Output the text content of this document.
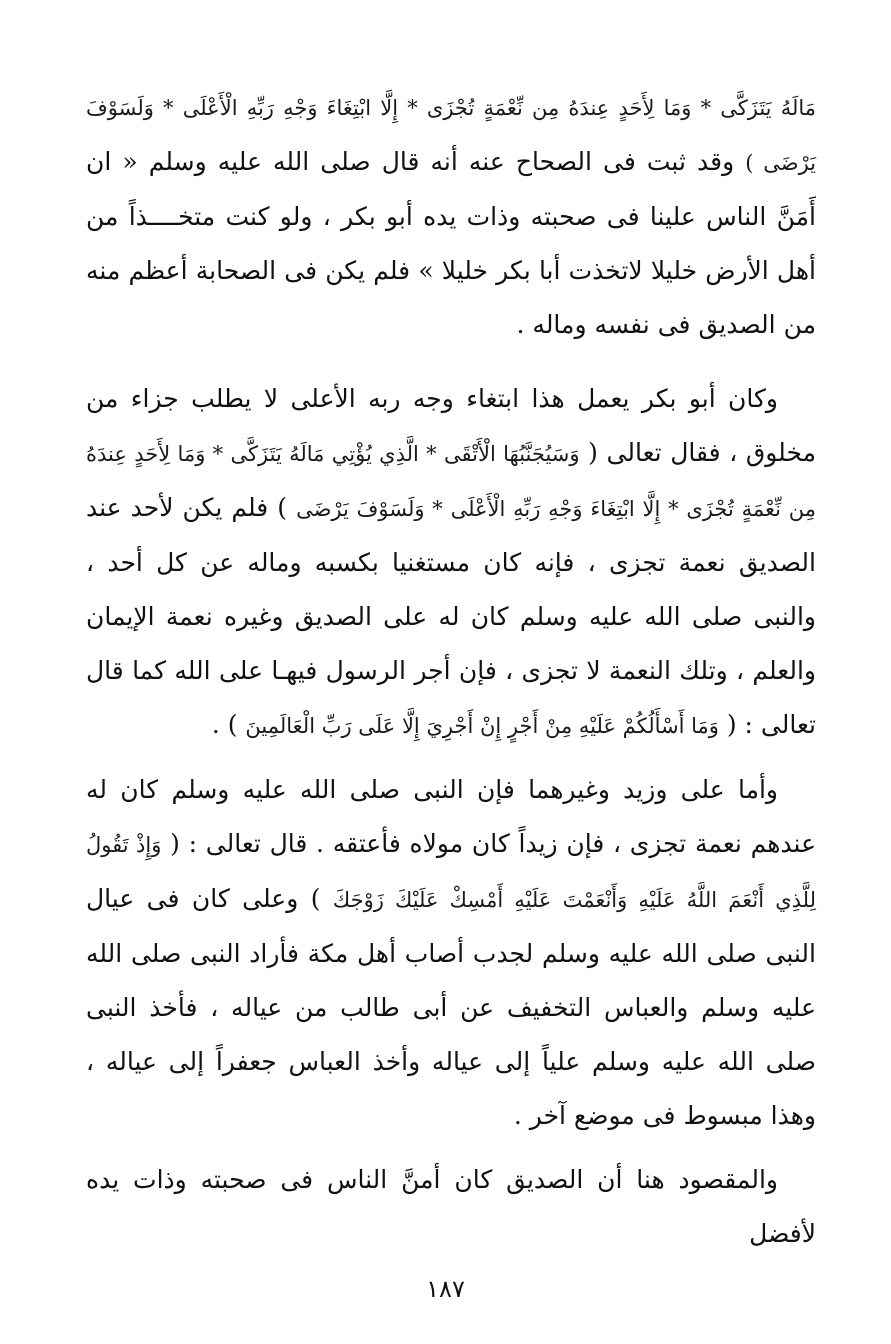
مَالَهُ يَتَزَكَّى * وَمَا لِأَحَدٍ عِندَهُ مِن نِّعْمَةٍ تُجْزَى * إِلَّا ابْتِغَاءَ وَجْهِ رَبِّهِ الْأَعْلَى * وَلَسَوْفَ يَرْضَى ) وقد ثبت فى الصحاح عنه أنه قال صلى الله عليه وسلم « ان أَمَنَّ الناس علينا فى صحبته وذات يده أبو بكر ، ولو كنت متخــــذاً من أهل الأرض خليلا لاتخذت أبا بكر خليلا » فلم يكن فى الصحابة أعظم منه من الصديق فى نفسه وماله .

وكان أبو بكر يعمل هذا ابتغاء وجه ربه الأعلى لا يطلب جزاء من مخلوق ، فقال تعالى ( وَسَيُجَنَّبُهَا الْأَتْقَى * الَّذِي يُؤْتِي مَالَهُ يَتَزَكَّى * وَمَا لِأَحَدٍ عِندَهُ مِن نِّعْمَةٍ تُجْزَى * إِلَّا ابْتِغَاءَ وَجْهِ رَبِّهِ الْأَعْلَى * وَلَسَوْفَ يَرْضَى ) فلم يكن لأحد عند الصديق نعمة تجزى ، فإنه كان مستغنيا بكسبه وماله عن كل أحد ، والنبى صلى الله عليه وسلم كان له على الصديق وغيره نعمة الإيمان والعلم ، وتلك النعمة لا تجزى ، فإن أجر الرسول فيهـا على الله كما قال تعالى : ( وَمَا أَسْأَلُكُمْ عَلَيْهِ مِنْ أَجْرٍ إِنْ أَجْرِيَ إِلَّا عَلَى رَبِّ الْعَالَمِينَ ) .

وأما على وزيد وغيرهما فإن النبى صلى الله عليه وسلم كان له عندهم نعمة تجزى ، فإن زيداً كان مولاه فأعتقه . قال تعالى : ( وَإِذْ تَقُولُ لِلَّذِي أَنْعَمَ اللَّهُ عَلَيْهِ وَأَنْعَمْتَ عَلَيْهِ أَمْسِكْ عَلَيْكَ زَوْجَكَ ) وعلى كان فى عيال النبى صلى الله عليه وسلم لجدب أصاب أهل مكة فأراد النبى صلى الله عليه وسلم والعباس التخفيف عن أبى طالب من عياله ، فأخذ النبى صلى الله عليه وسلم علياً إلى عياله وأخذ العباس جعفراً إلى عياله ، وهذا مبسوط فى موضع آخر .

والمقصود هنا أن الصديق كان أمنَّ الناس فى صحبته وذات يده لأفضل

١٨٧
